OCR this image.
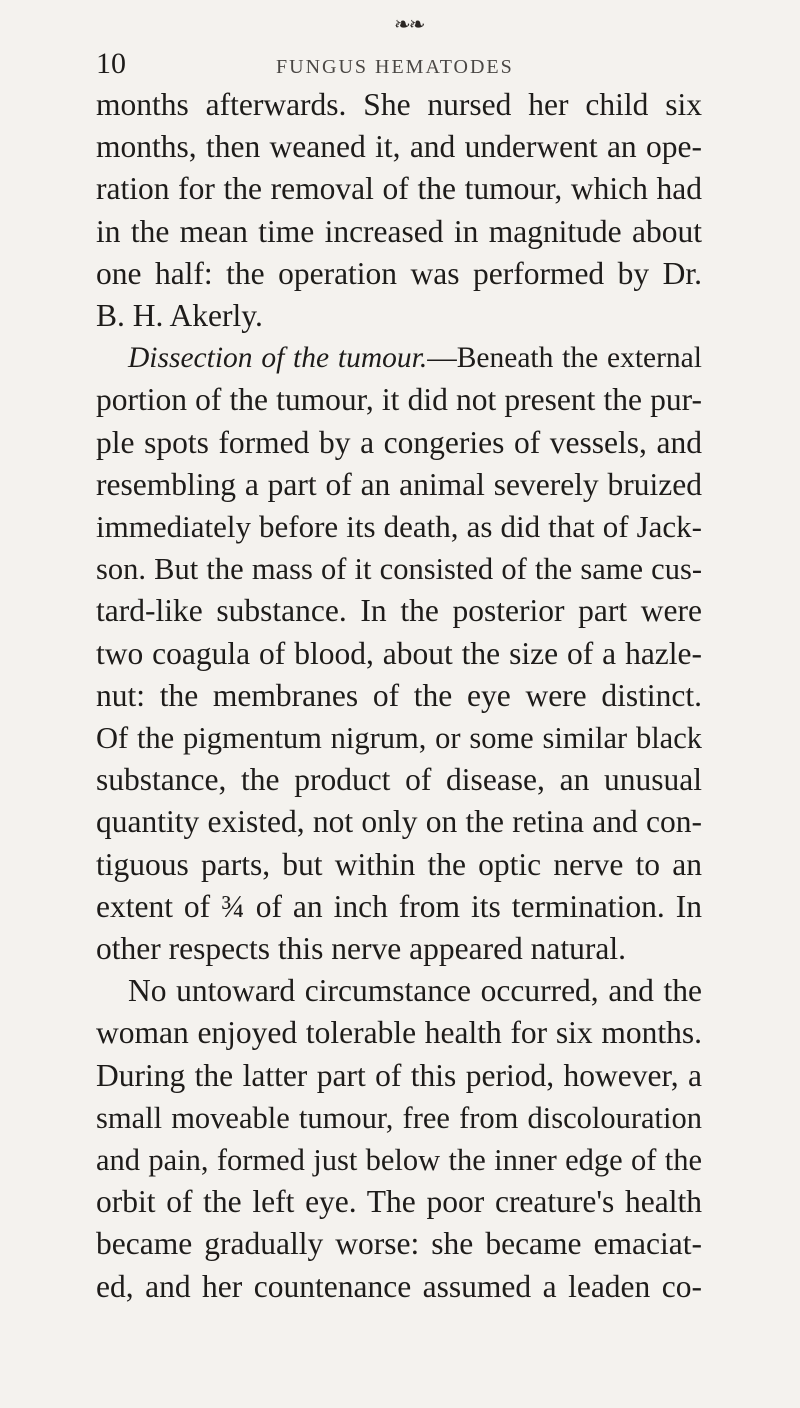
❧❧
10	FUNGUS HEMATODES
months afterwards. She nursed her child six
months, then weaned it, and underwent an ope-
ration for the removal of the tumour, which had
in the mean time increased in magnitude about
one half: the operation was performed by Dr.
B. H. Akerly.
Dissection of the tumour.—Beneath the external
portion of the tumour, it did not present the pur-
ple spots formed by a congeries of vessels, and
resembling a part of an animal severely bruized
immediately before its death, as did that of Jack-
son. But the mass of it consisted of the same cus-
tard-like substance. In the posterior part were
two coagula of blood, about the size of a hazle-
nut: the membranes of the eye were distinct.
Of the pigmentum nigrum, or some similar black
substance, the product of disease, an unusual
quantity existed, not only on the retina and con-
tiguous parts, but within the optic nerve to an
extent of ¾ of an inch from its termination. In
other respects this nerve appeared natural.
No untoward circumstance occurred, and the
woman enjoyed tolerable health for six months.
During the latter part of this period, however, a
small moveable tumour, free from discolouration
and pain, formed just below the inner edge of the
orbit of the left eye. The poor creature's health
became gradually worse: she became emaciat-
ed, and her countenance assumed a leaden co-
